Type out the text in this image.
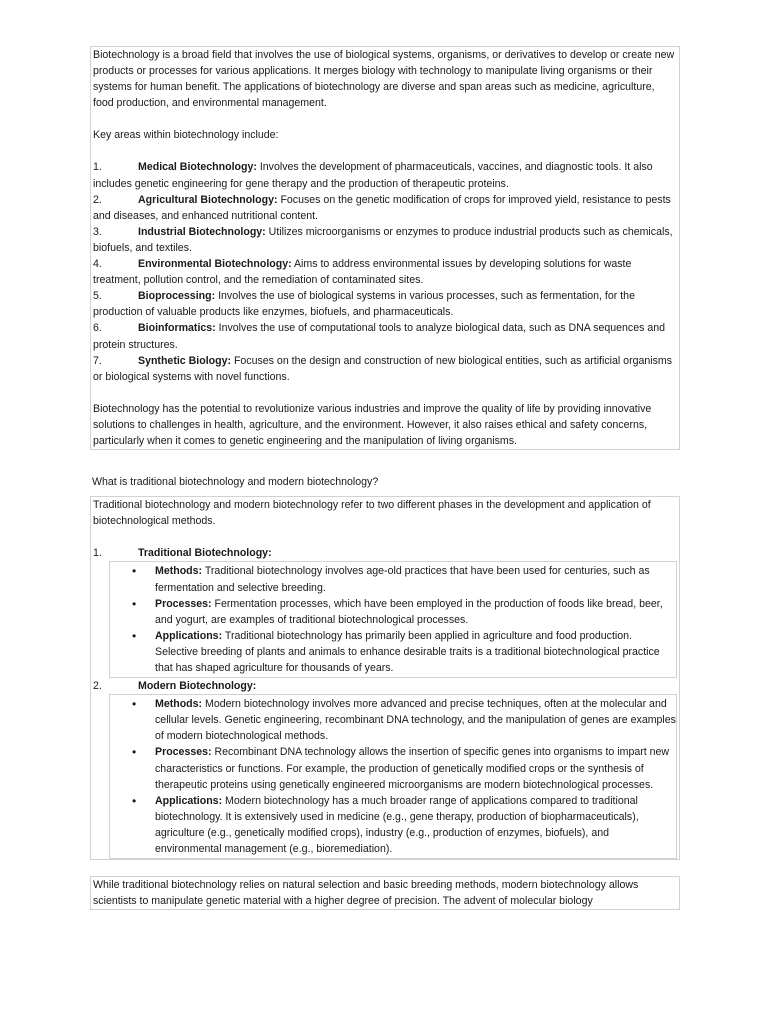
Biotechnology is a broad field that involves the use of biological systems, organisms, or derivatives to develop or create new products or processes for various applications. It merges biology with technology to manipulate living organisms or their systems for human benefit. The applications of biotechnology are diverse and span areas such as medicine, agriculture, food production, and environmental management.

Key areas within biotechnology include:

1.	Medical Biotechnology: Involves the development of pharmaceuticals, vaccines, and diagnostic tools. It also includes genetic engineering for gene therapy and the production of therapeutic proteins.

2.	Agricultural Biotechnology: Focuses on the genetic modification of crops for improved yield, resistance to pests and diseases, and enhanced nutritional content.

3.	Industrial Biotechnology: Utilizes microorganisms or enzymes to produce industrial products such as chemicals, biofuels, and textiles.

4.	Environmental Biotechnology: Aims to address environmental issues by developing solutions for waste treatment, pollution control, and the remediation of contaminated sites.

5.	Bioprocessing: Involves the use of biological systems in various processes, such as fermentation, for the production of valuable products like enzymes, biofuels, and pharmaceuticals.

6.	Bioinformatics: Involves the use of computational tools to analyze biological data, such as DNA sequences and protein structures.

7.	Synthetic Biology: Focuses on the design and construction of new biological entities, such as artificial organisms or biological systems with novel functions.

Biotechnology has the potential to revolutionize various industries and improve the quality of life by providing innovative solutions to challenges in health, agriculture, and the environment. However, it also raises ethical and safety concerns, particularly when it comes to genetic engineering and the manipulation of living organisms.

What is traditional biotechnology and modern biotechnology?

Traditional biotechnology and modern biotechnology refer to two different phases in the development and application of biotechnological methods.

1.	Traditional Biotechnology:

• Methods: Traditional biotechnology involves age-old practices that have been used for centuries, such as fermentation and selective breeding.
• Processes: Fermentation processes, which have been employed in the production of foods like bread, beer, and yogurt, are examples of traditional biotechnological processes.
• Applications: Traditional biotechnology has primarily been applied in agriculture and food production. Selective breeding of plants and animals to enhance desirable traits is a traditional biotechnological practice that has shaped agriculture for thousands of years.

2.	Modern Biotechnology:

• Methods: Modern biotechnology involves more advanced and precise techniques, often at the molecular and cellular levels. Genetic engineering, recombinant DNA technology, and the manipulation of genes are examples of modern biotechnological methods.
• Processes: Recombinant DNA technology allows the insertion of specific genes into organisms to impart new characteristics or functions. For example, the production of genetically modified crops or the synthesis of therapeutic proteins using genetically engineered microorganisms are modern biotechnological processes.
• Applications: Modern biotechnology has a much broader range of applications compared to traditional biotechnology. It is extensively used in medicine (e.g., gene therapy, production of biopharmaceuticals), agriculture (e.g., genetically modified crops), industry (e.g., production of enzymes, biofuels), and environmental management (e.g., bioremediation).

While traditional biotechnology relies on natural selection and basic breeding methods, modern biotechnology allows scientists to manipulate genetic material with a higher degree of precision. The advent of molecular biology
